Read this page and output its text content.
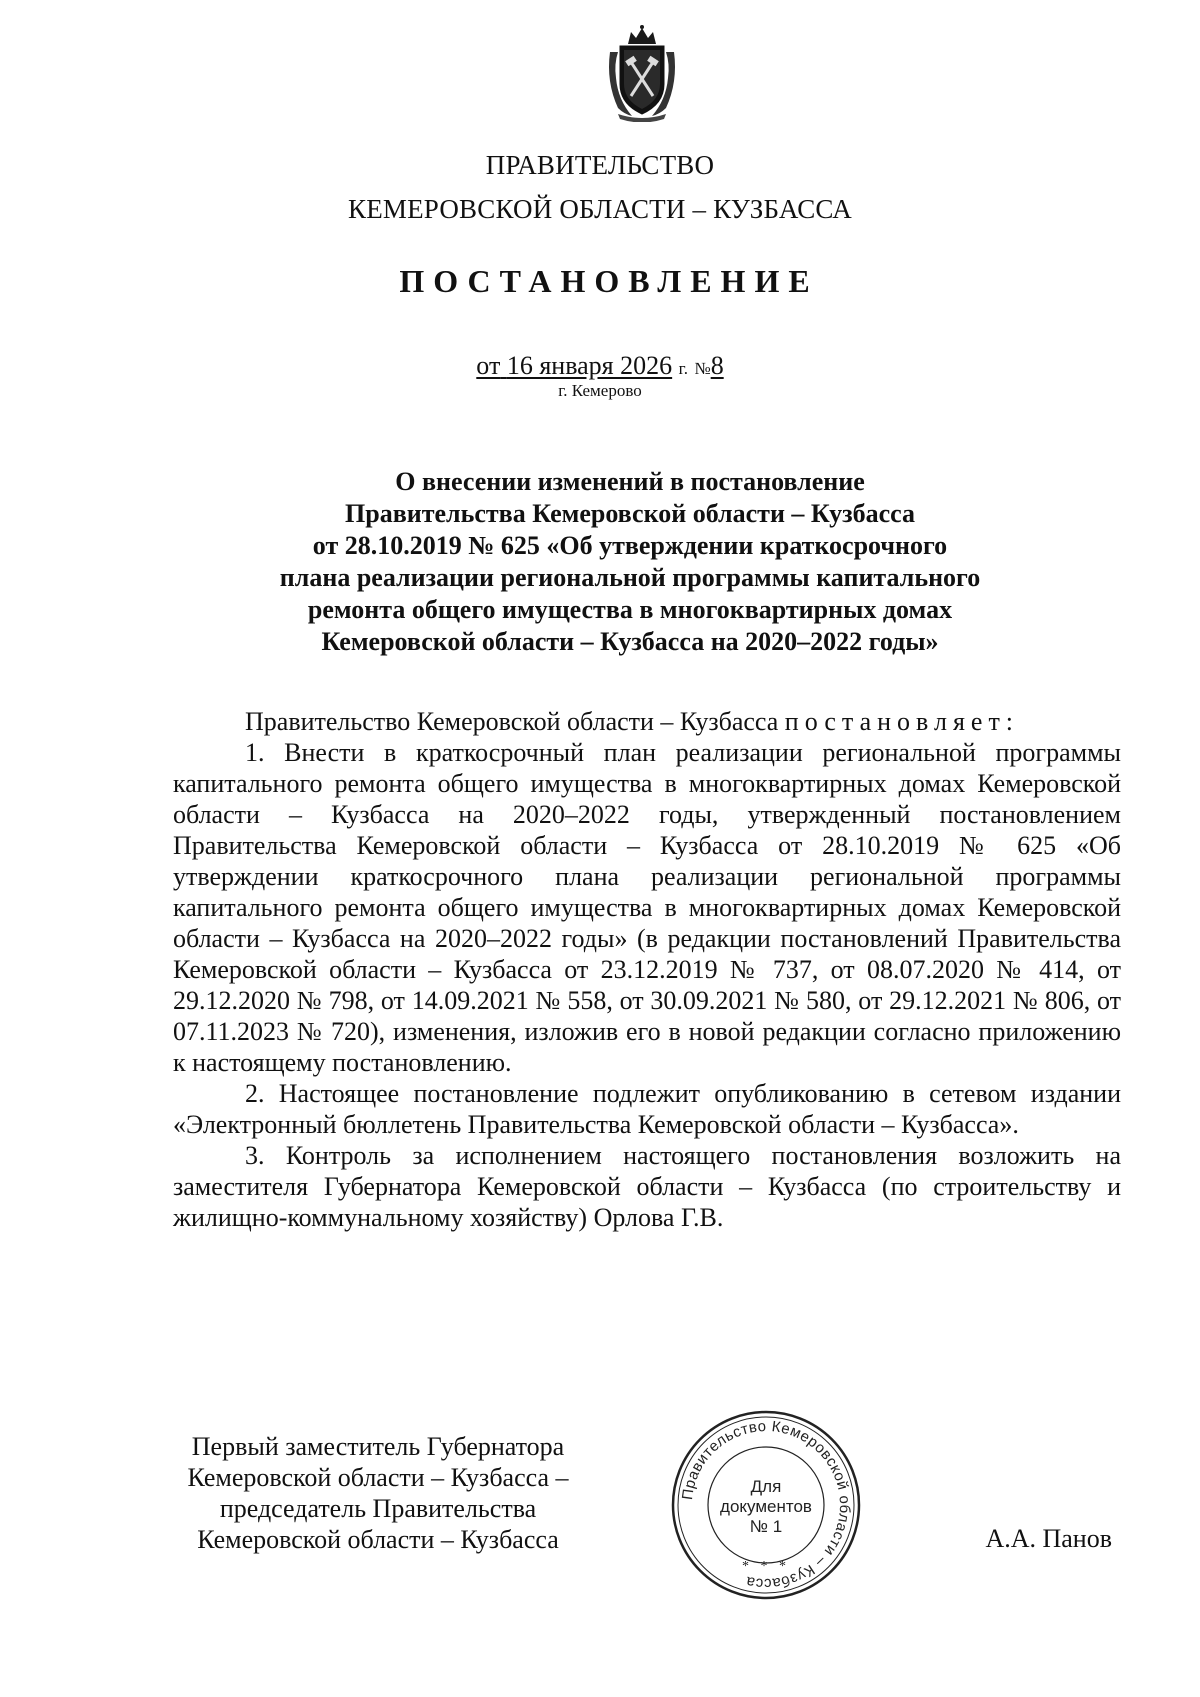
ПРАВИТЕЛЬСТВО
КЕМЕРОВСКОЙ ОБЛАСТИ – КУЗБАССА
ПОСТАНОВЛЕНИЕ
от 16 января 2026 г. №8
г. Кемерово
О внесении изменений в постановление
Правительства Кемеровской области – Кузбасса
от 28.10.2019 № 625 «Об утверждении краткосрочного
плана реализации региональной программы капитального
ремонта общего имущества в многоквартирных домах
Кемеровской области – Кузбасса на 2020–2022 годы»

Правительство Кемеровской области – Кузбасса постановляет:

1. Внести в краткосрочный план реализации региональной программы капитального ремонта общего имущества в многоквартирных домах Кемеровской области – Кузбасса на 2020–2022 годы, утвержденный постановлением Правительства Кемеровской области – Кузбасса от 28.10.2019 № 625 «Об утверждении краткосрочного плана реализации региональной программы капитального ремонта общего имущества в многоквартирных домах Кемеровской области – Кузбасса на 2020–2022 годы» (в редакции постановлений Правительства Кемеровской области – Кузбасса от 23.12.2019 № 737, от 08.07.2020 № 414, от 29.12.2020 № 798, от 14.09.2021 № 558, от 30.09.2021 № 580, от 29.12.2021 № 806, от 07.11.2023 № 720), изменения, изложив его в новой редакции согласно приложению к настоящему постановлению.

2. Настоящее постановление подлежит опубликованию в сетевом издании «Электронный бюллетень Правительства Кемеровской области – Кузбасса».

3. Контроль за исполнением настоящего постановления возложить на заместителя Губернатора Кемеровской области – Кузбасса (по строительству и жилищно-коммунальному хозяйству) Орлова Г.В.

Первый заместитель Губернатора
Кемеровской области – Кузбасса –
председатель Правительства
Кемеровской области – Кузбасса
Правительство Кемеровской области – Кузбасса
Для
документов
№ 1
* * *
А.А. Панов
